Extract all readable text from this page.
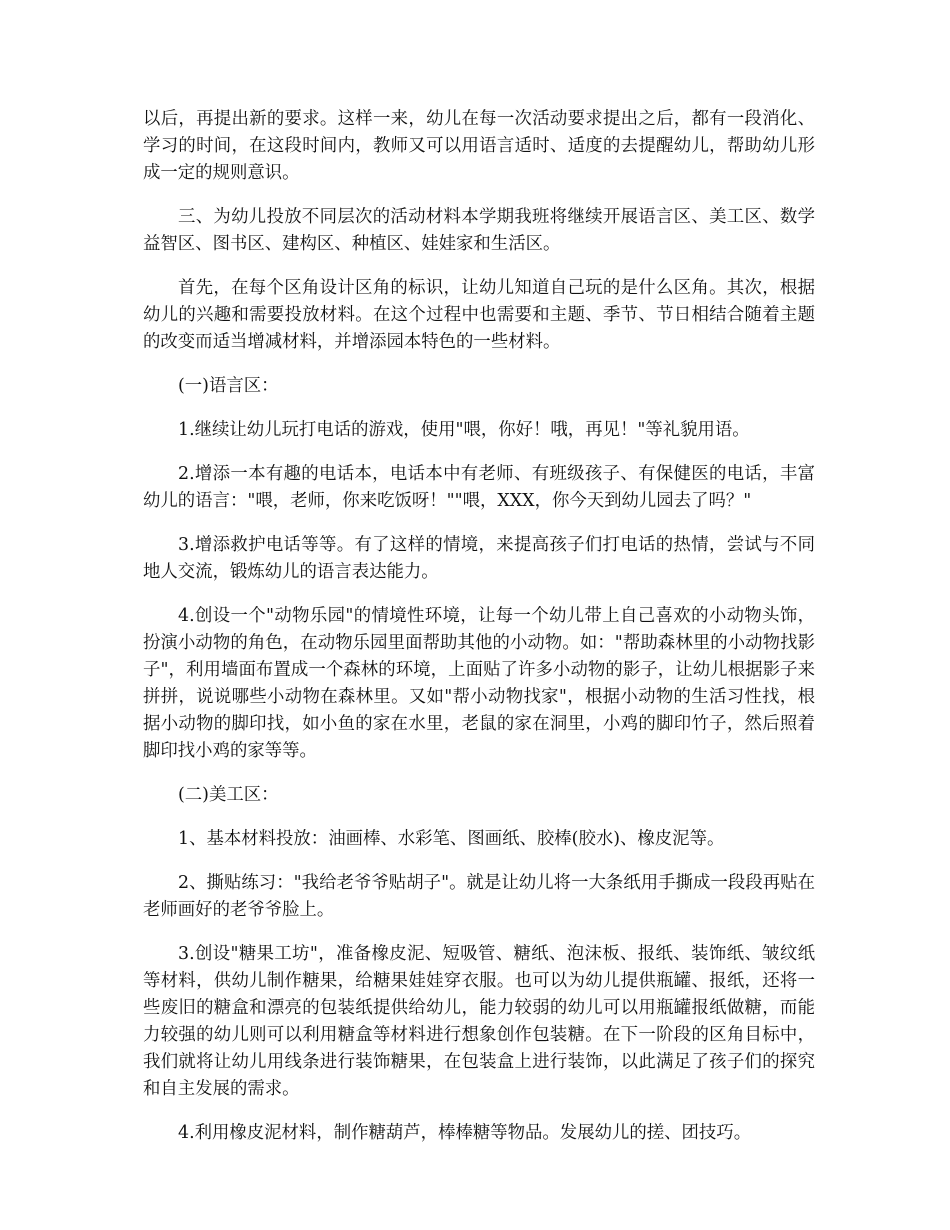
以后，再提出新的要求。这样一来，幼儿在每一次活动要求提出之后，都有一段消化、学习的时间，在这段时间内，教师又可以用语言适时、适度的去提醒幼儿，帮助幼儿形成一定的规则意识。

三、为幼儿投放不同层次的活动材料本学期我班将继续开展语言区、美工区、数学益智区、图书区、建构区、种植区、娃娃家和生活区。

首先，在每个区角设计区角的标识，让幼儿知道自己玩的是什么区角。其次，根据幼儿的兴趣和需要投放材料。在这个过程中也需要和主题、季节、节日相结合随着主题的改变而适当增减材料，并增添园本特色的一些材料。

(一)语言区：

1.继续让幼儿玩打电话的游戏，使用"喂，你好！哦，再见！"等礼貌用语。

2.增添一本有趣的电话本，电话本中有老师、有班级孩子、有保健医的电话，丰富幼儿的语言："喂，老师，你来吃饭呀！""喂，XXX，你今天到幼儿园去了吗？"

3.增添救护电话等等。有了这样的情境，来提高孩子们打电话的热情，尝试与不同地人交流，锻炼幼儿的语言表达能力。

4.创设一个"动物乐园"的情境性环境，让每一个幼儿带上自己喜欢的小动物头饰，扮演小动物的角色，在动物乐园里面帮助其他的小动物。如："帮助森林里的小动物找影子"，利用墙面布置成一个森林的环境，上面贴了许多小动物的影子，让幼儿根据影子来拼拼，说说哪些小动物在森林里。又如"帮小动物找家"，根据小动物的生活习性找，根据小动物的脚印找，如小鱼的家在水里，老鼠的家在洞里，小鸡的脚印竹子，然后照着脚印找小鸡的家等等。

(二)美工区：

1、基本材料投放：油画棒、水彩笔、图画纸、胶棒(胶水)、橡皮泥等。

2、撕贴练习："我给老爷爷贴胡子"。就是让幼儿将一大条纸用手撕成一段段再贴在老师画好的老爷爷脸上。

3.创设"糖果工坊"，准备橡皮泥、短吸管、糖纸、泡沫板、报纸、装饰纸、皱纹纸等材料，供幼儿制作糖果，给糖果娃娃穿衣服。也可以为幼儿提供瓶罐、报纸，还将一些废旧的糖盒和漂亮的包装纸提供给幼儿，能力较弱的幼儿可以用瓶罐报纸做糖，而能力较强的幼儿则可以利用糖盒等材料进行想象创作包装糖。在下一阶段的区角目标中，我们就将让幼儿用线条进行装饰糖果，在包装盒上进行装饰，以此满足了孩子们的探究和自主发展的需求。

4.利用橡皮泥材料，制作糖葫芦，棒棒糖等物品。发展幼儿的搓、团技巧。
